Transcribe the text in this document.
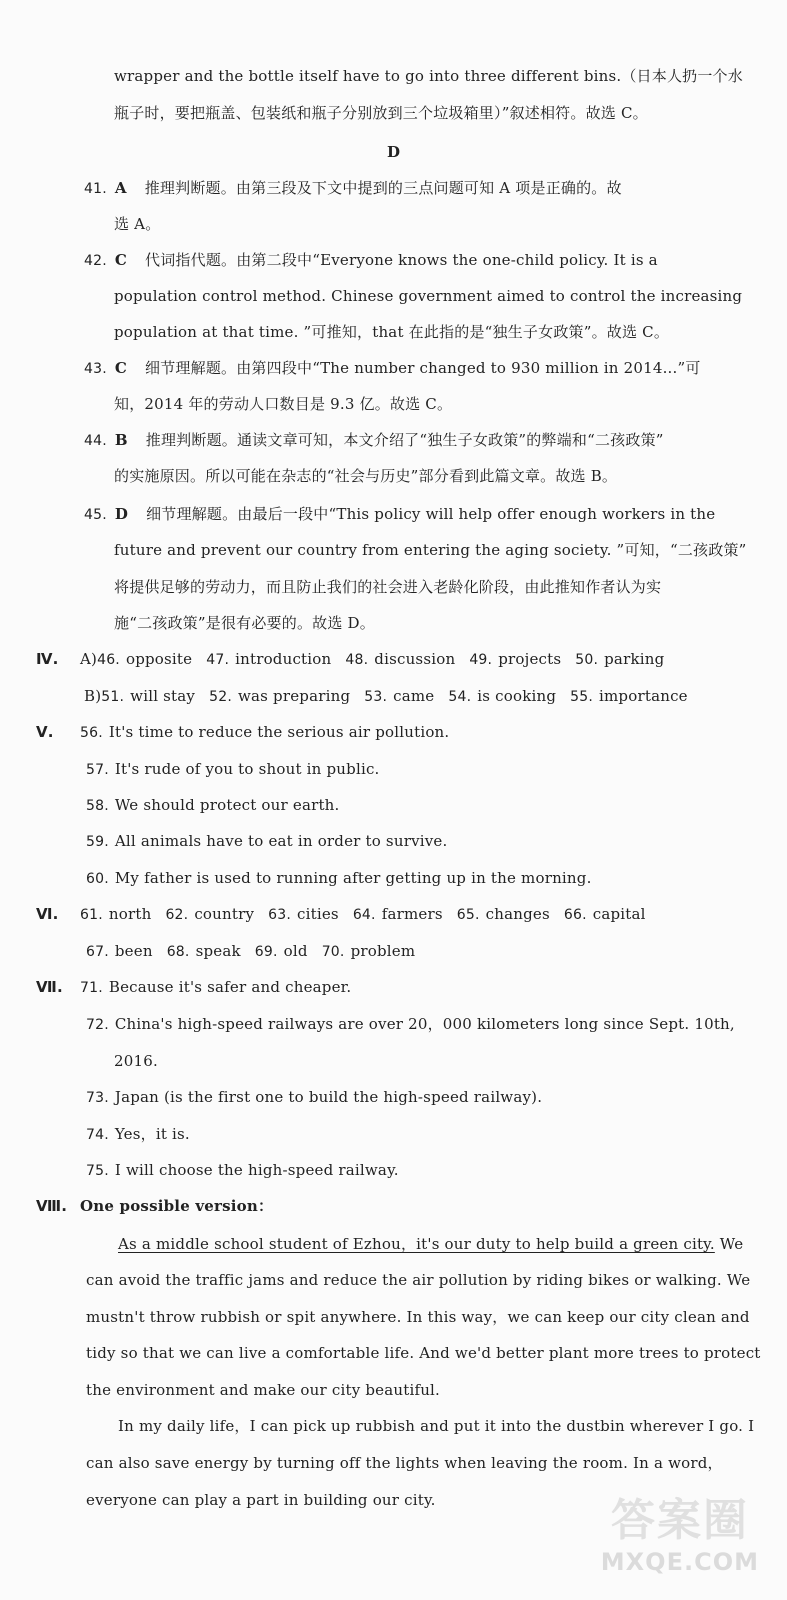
wrapper and the bottle itself have to go into three different bins.（日本人扔一个水
瓶子时，要把瓶盖、包装纸和瓶子分别放到三个垃圾箱里）”叙述相符。故选 C。
D
41. A 推理判断题。由第三段及下文中提到的三点问题可知 A 项是正确的。故
选 A。
42. C 代词指代题。由第二段中“Everyone knows the one-child policy. It is a
population control method. Chinese government aimed to control the increasing
population at that time. ”可推知，that 在此指的是“独生子女政策”。故选 C。
43. C 细节理解题。由第四段中“The number changed to 930 million in 2014...”可
知，2014 年的劳动人口数目是 9.3 亿。故选 C。
44. B 推理判断题。通读文章可知，本文介绍了“独生子女政策”的弊端和“二孩政策”
的实施原因。所以可能在杂志的“社会与历史”部分看到此篇文章。故选 B。
45. D 细节理解题。由最后一段中“This policy will help offer enough workers in the
future and prevent our country from entering the aging society. ”可知，“二孩政策”
将提供足够的劳动力，而且防止我们的社会进入老龄化阶段，由此推知作者认为实
施“二孩政策”是很有必要的。故选 D。
Ⅳ. A)46. opposite 47. introduction 48. discussion 49. projects 50. parking
B)51. will stay 52. was preparing 53. came 54. is cooking 55. importance
Ⅴ. 56. It's time to reduce the serious air pollution.
57. It's rude of you to shout in public.
58. We should protect our earth.
59. All animals have to eat in order to survive.
60. My father is used to running after getting up in the morning.
Ⅵ. 61. north 62. country 63. cities 64. farmers 65. changes 66. capital
67. been 68. speak 69. old 70. problem
Ⅶ. 71. Because it's safer and cheaper.
72. China's high-speed railways are over 20，000 kilometers long since Sept. 10th,
2016.
73. Japan (is the first one to build the high-speed railway).
74. Yes，it is.
75. I will choose the high-speed railway.
Ⅷ. One possible version：
As a middle school student of Ezhou，it's our duty to help build a green city. We
can avoid the traffic jams and reduce the air pollution by riding bikes or walking. We
mustn't throw rubbish or spit anywhere. In this way，we can keep our city clean and
tidy so that we can live a comfortable life. And we'd better plant more trees to protect
the environment and make our city beautiful.
In my daily life，I can pick up rubbish and put it into the dustbin wherever I go. I
can also save energy by turning off the lights when leaving the room. In a word，
everyone can play a part in building our city.	答案圈
MXQE.COM
